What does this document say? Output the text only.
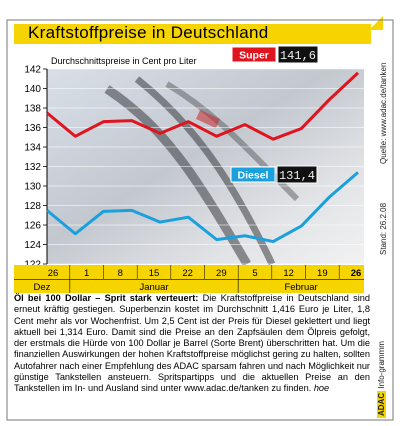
Kraftstoffpreise in Deutschland
124
126
128
130
132
134
136
138
140
142
Durchschnittspreise in Cent pro Liter
26	1	8	15 22 29	5	12 19 26
Dez	Januar	Februar
Super 141,6
Diesel 131,4
Quelle: www.adac.de/tanken
Stand: 26.2.08
Öl bei 100 Dollar – Sprit stark verteuert: Die Kraftstoffpreise in Deutschland sind erneut kräftig gestiegen. Superbenzin kostet im Durchschnitt 1,416 Euro je Liter, 1,8 Cent mehr als vor Wochenfrist. Um 2,5 Cent ist der Preis für Diesel geklettert und liegt aktuell bei 1,314 Euro. Damit sind die Preise an den Zapfsäulen dem Ölpreis gefolgt, der erstmals die Hürde von 100 Dollar je Barrel (Sorte Brent) überschritten hat. Um die finanziellen Auswirkungen der hohen Kraftstoffpreise möglichst gering zu halten, sollten Autofahrer nach einer Empfehlung des ADAC sparsam fahren und nach Möglichkeit nur günstige Tankstellen ansteuern. Spritspartipps und die aktuellen Preise an den Tankstellen im In- und Ausland sind unter www.adac.de/tanken zu finden. hoe
ADAC Info-grammm
